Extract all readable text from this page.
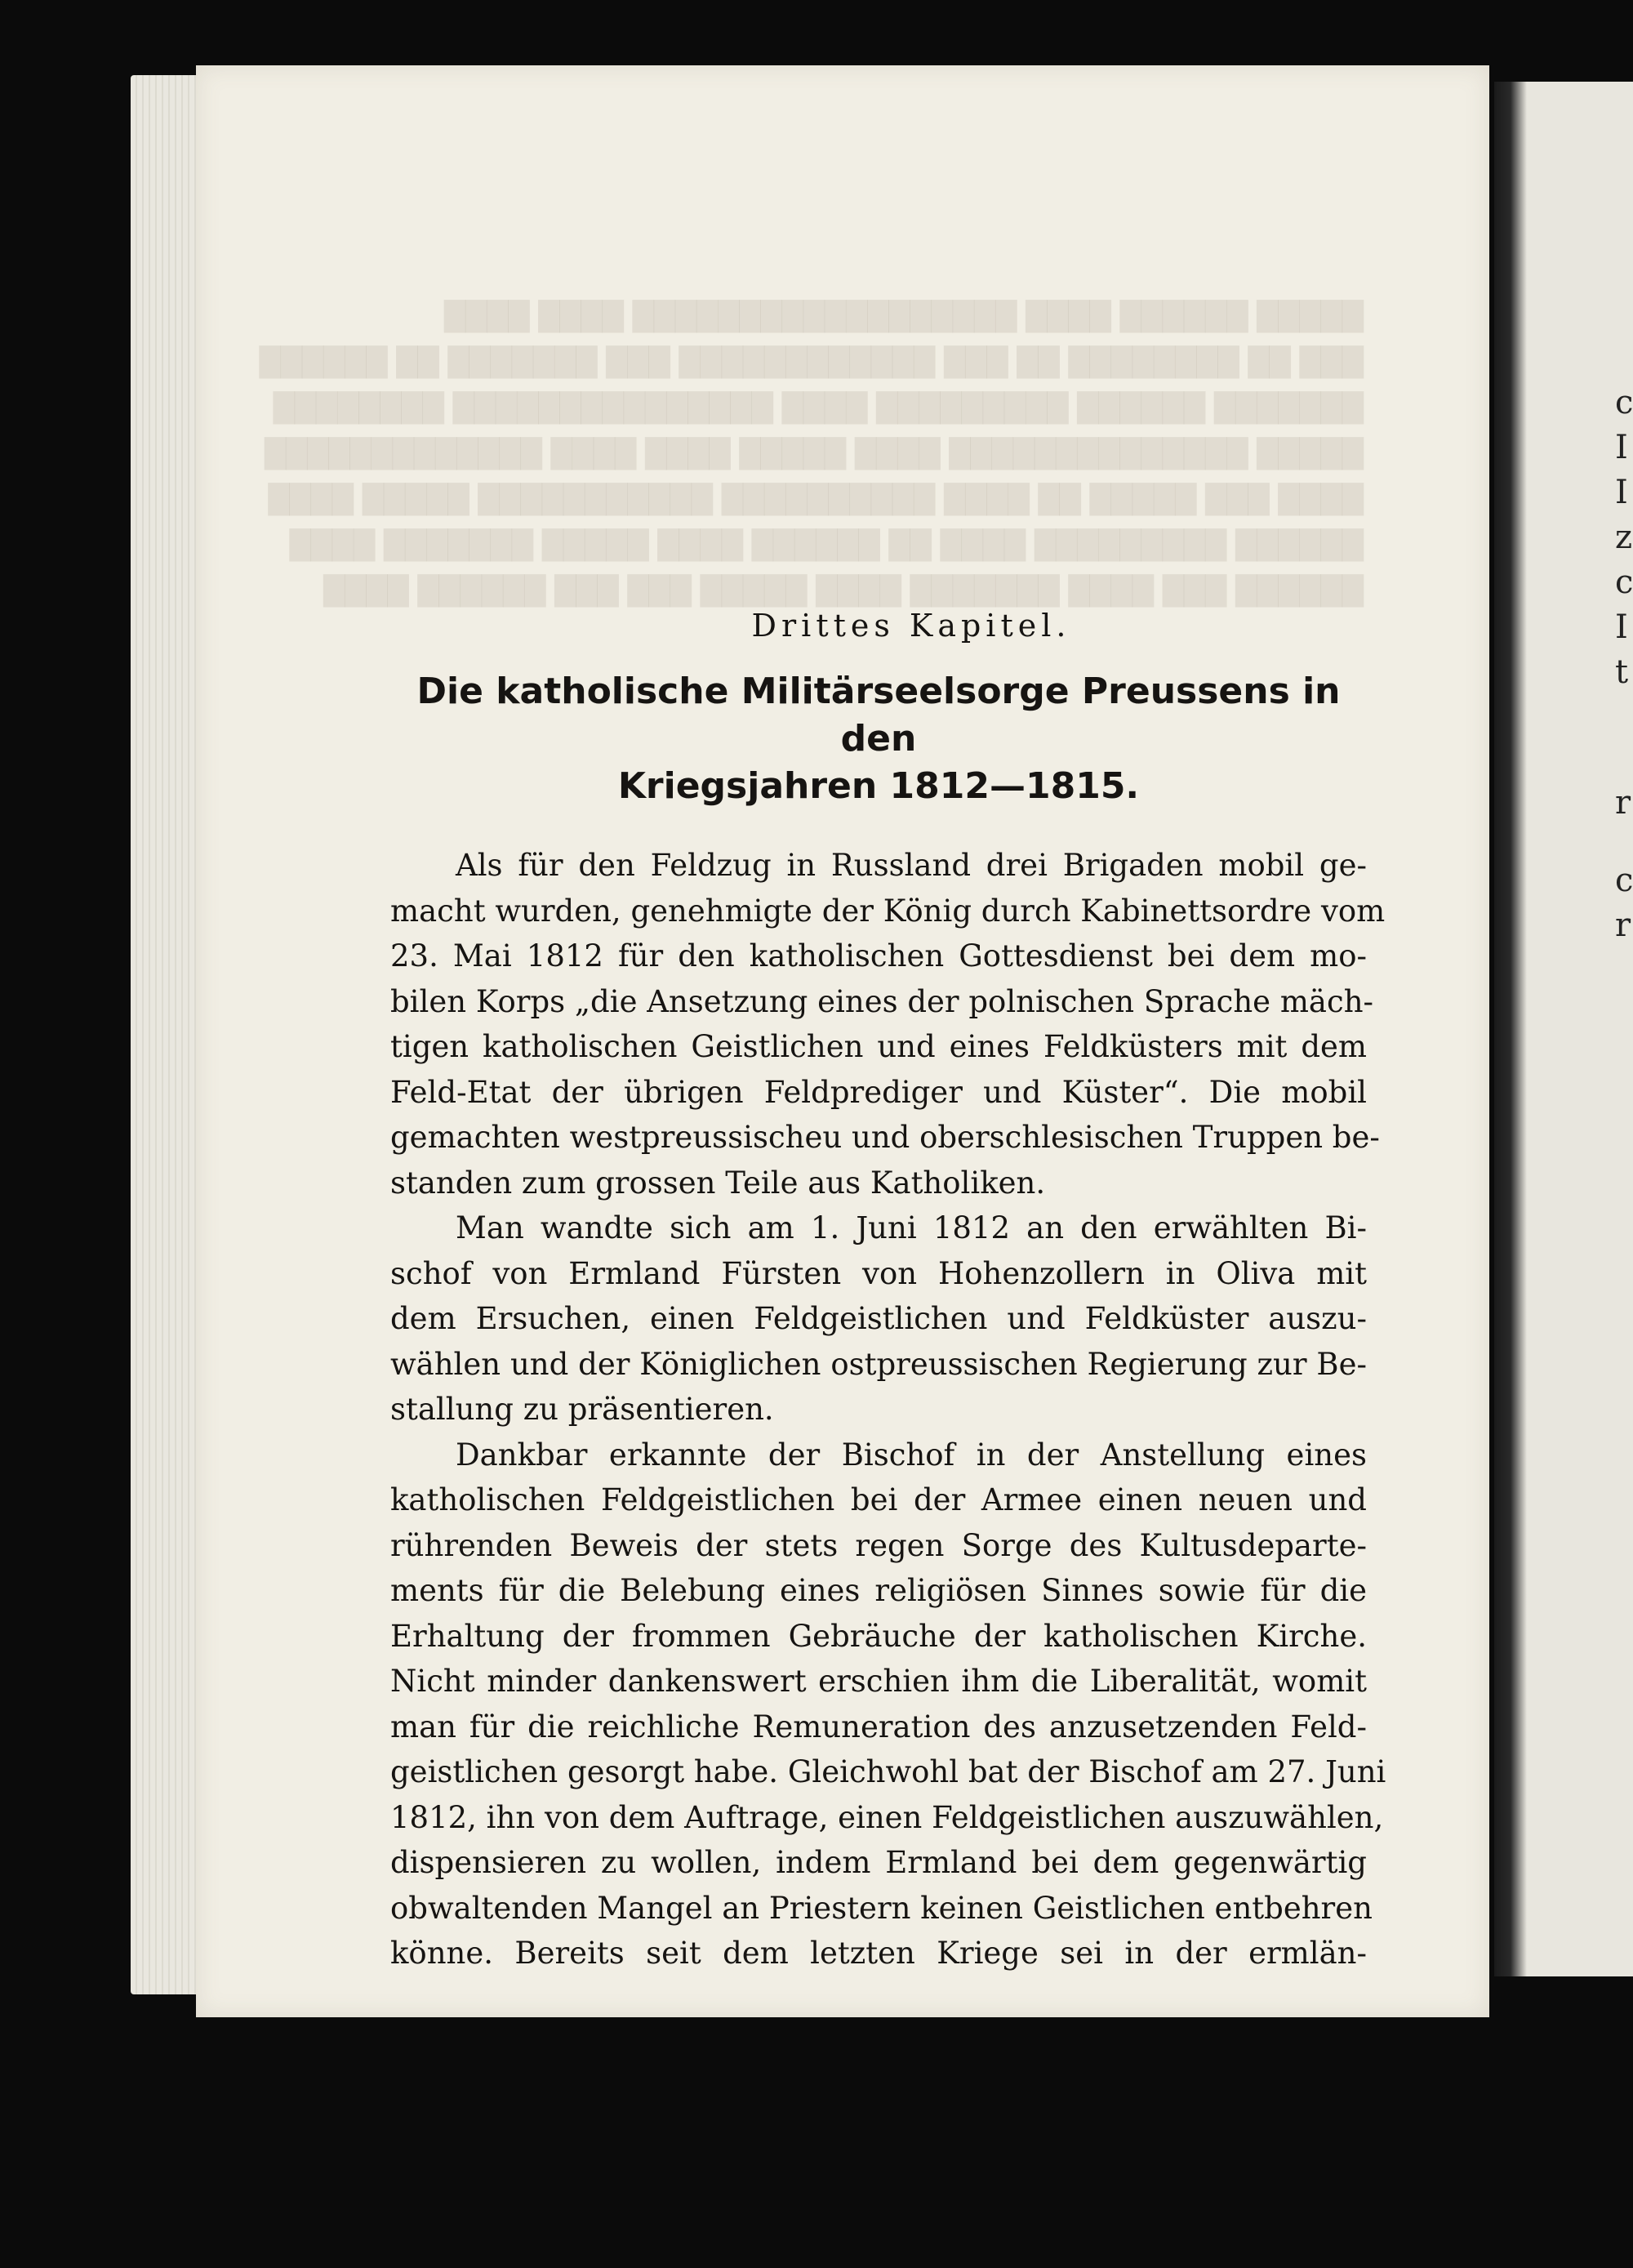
c
I
I
z
c
I
t
r
c
r
Drittes Kapitel.
Die katholische Militärseelsorge Preussens in den
Kriegsjahren 1812—1815.
Als für den Feldzug in Russland drei Brigaden mobil ge-
macht wurden, genehmigte der König durch Kabinettsordre vom
23. Mai 1812 für den katholischen Gottesdienst bei dem mo-
bilen Korps „die Ansetzung eines der polnischen Sprache mäch-
tigen katholischen Geistlichen und eines Feldküsters mit dem
Feld-Etat der übrigen Feldprediger und Küster“. Die mobil
gemachten westpreussischeu und oberschlesischen Truppen be-
standen zum grossen Teile aus Katholiken.
Man wandte sich am 1. Juni 1812 an den erwählten Bi-
schof von Ermland Fürsten von Hohenzollern in Oliva mit
dem Ersuchen, einen Feldgeistlichen und Feldküster auszu-
wählen und der Königlichen ostpreussischen Regierung zur Be-
stallung zu präsentieren.
Dankbar erkannte der Bischof in der Anstellung eines
katholischen Feldgeistlichen bei der Armee einen neuen und
rührenden Beweis der stets regen Sorge des Kultusdeparte-
ments für die Belebung eines religiösen Sinnes sowie für die
Erhaltung der frommen Gebräuche der katholischen Kirche.
Nicht minder dankenswert erschien ihm die Liberalität, womit
man für die reichliche Remuneration des anzusetzenden Feld-
geistlichen gesorgt habe. Gleichwohl bat der Bischof am 27. Juni
1812, ihn von dem Auftrage, einen Feldgeistlichen auszuwählen,
dispensieren zu wollen, indem Ermland bei dem gegenwärtig
obwaltenden Mangel an Priestern keinen Geistlichen entbehren
könne. Bereits seit dem letzten Kriege sei in der ermlän-
